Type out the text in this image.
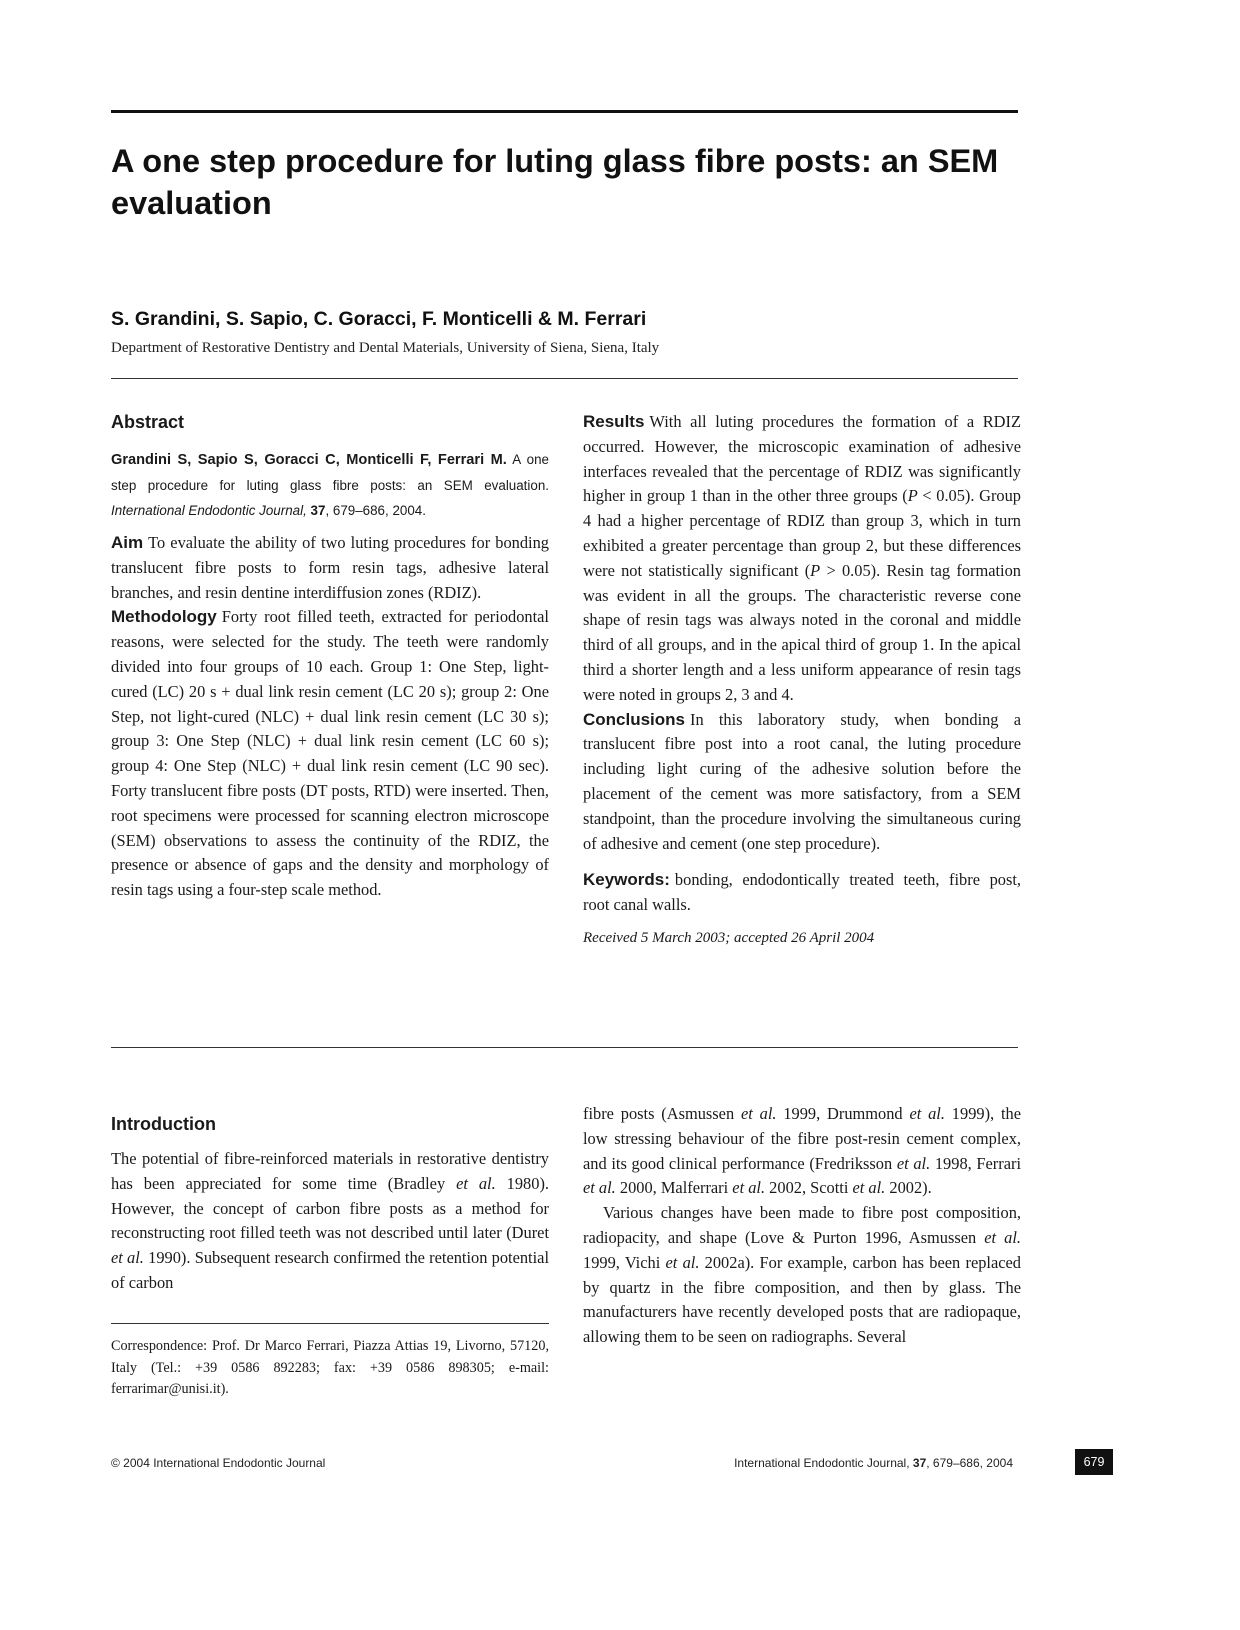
A one step procedure for luting glass fibre posts: an SEM evaluation

S. Grandini, S. Sapio, C. Goracci, F. Monticelli & M. Ferrari

Department of Restorative Dentistry and Dental Materials, University of Siena, Siena, Italy

Abstract

Grandini S, Sapio S, Goracci C, Monticelli F, Ferrari M. A one step procedure for luting glass fibre posts: an SEM evaluation. International Endodontic Journal, 37, 679–686, 2004.

Aim To evaluate the ability of two luting procedures for bonding translucent fibre posts to form resin tags, adhesive lateral branches, and resin dentine interdiffusion zones (RDIZ).

Methodology Forty root filled teeth, extracted for periodontal reasons, were selected for the study. The teeth were randomly divided into four groups of 10 each. Group 1: One Step, light-cured (LC) 20 s + dual link resin cement (LC 20 s); group 2: One Step, not light-cured (NLC) + dual link resin cement (LC 30 s); group 3: One Step (NLC) + dual link resin cement (LC 60 s); group 4: One Step (NLC) + dual link resin cement (LC 90 sec). Forty translucent fibre posts (DT posts, RTD) were inserted. Then, root specimens were processed for scanning electron microscope (SEM) observations to assess the continuity of the RDIZ, the presence or absence of gaps and the density and morphology of resin tags using a four-step scale method.

Results With all luting procedures the formation of a RDIZ occurred. However, the microscopic examination of adhesive interfaces revealed that the percentage of RDIZ was significantly higher in group 1 than in the other three groups (P < 0.05). Group 4 had a higher percentage of RDIZ than group 3, which in turn exhibited a greater percentage than group 2, but these differences were not statistically significant (P > 0.05). Resin tag formation was evident in all the groups. The characteristic reverse cone shape of resin tags was always noted in the coronal and middle third of all groups, and in the apical third of group 1. In the apical third a shorter length and a less uniform appearance of resin tags were noted in groups 2, 3 and 4.

Conclusions In this laboratory study, when bonding a translucent fibre post into a root canal, the luting procedure including light curing of the adhesive solution before the placement of the cement was more satisfactory, from a SEM standpoint, than the procedure involving the simultaneous curing of adhesive and cement (one step procedure).

Keywords: bonding, endodontically treated teeth, fibre post, root canal walls.

Received 5 March 2003; accepted 26 April 2004

Introduction

The potential of fibre-reinforced materials in restorative dentistry has been appreciated for some time (Bradley et al. 1980). However, the concept of carbon fibre posts as a method for reconstructing root filled teeth was not described until later (Duret et al. 1990). Subsequent research confirmed the retention potential of carbon

Correspondence: Prof. Dr Marco Ferrari, Piazza Attias 19, Livorno, 57120, Italy (Tel.: +39 0586 892283; fax: +39 0586 898305; e-mail: ferrarimar@unisi.it).

fibre posts (Asmussen et al. 1999, Drummond et al. 1999), the low stressing behaviour of the fibre post-resin cement complex, and its good clinical performance (Fredriksson et al. 1998, Ferrari et al. 2000, Malferrari et al. 2002, Scotti et al. 2002).

Various changes have been made to fibre post composition, radiopacity, and shape (Love & Purton 1996, Asmussen et al. 1999, Vichi et al. 2002a). For example, carbon has been replaced by quartz in the fibre composition, and then by glass. The manufacturers have recently developed posts that are radiopaque, allowing them to be seen on radiographs. Several

© 2004 International Endodontic Journal	International Endodontic Journal, 37, 679–686, 2004	679
